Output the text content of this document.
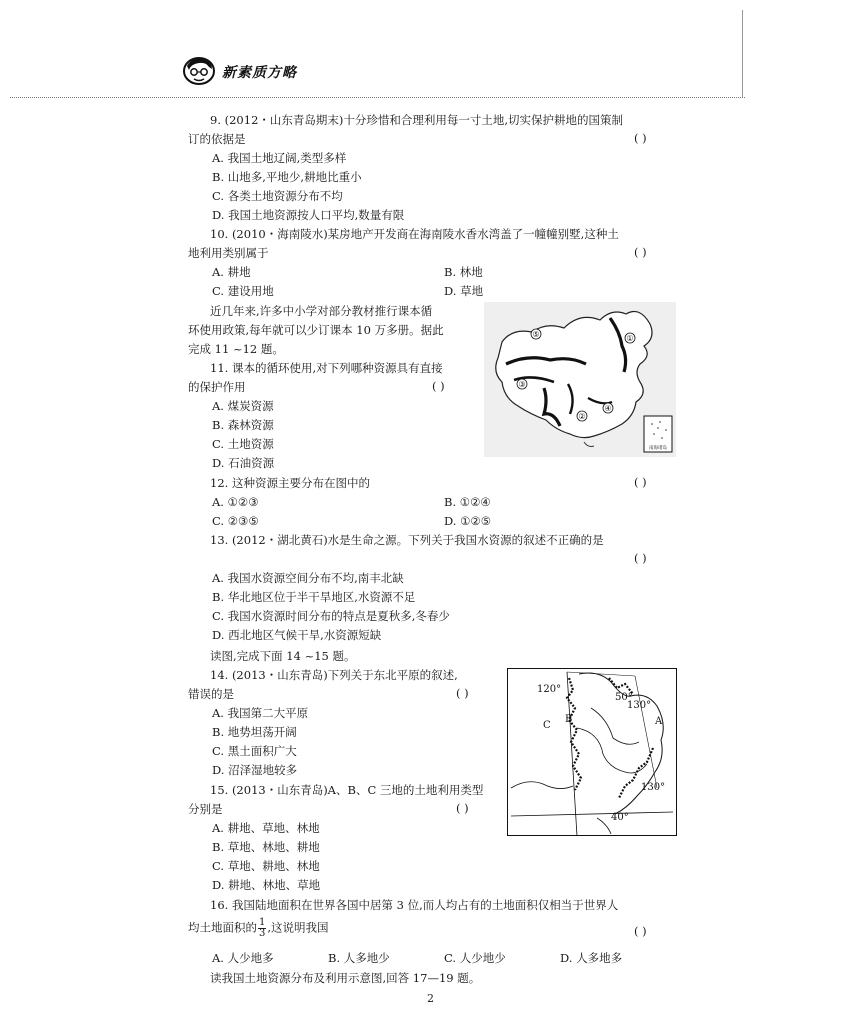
新素质方略
9. (2012・山东青岛期末)十分珍惜和合理利用每一寸土地,切实保护耕地的国策制
订的依据是	( )
A. 我国土地辽阔,类型多样
B. 山地多,平地少,耕地比重小
C. 各类土地资源分布不均
D. 我国土地资源按人口平均,数量有限
10. (2010・海南陵水)某房地产开发商在海南陵水香水湾盖了一幢幢别墅,这种土
地利用类别属于	( )
A. 耕地	B. 林地
C. 建设用地	D. 草地
近几年来,许多中小学对部分教材推行课本循
环使用政策,每年就可以少订课本 10 万多册。据此
完成 11 ~12 题。
11. 课本的循环使用,对下列哪种资源具有直接
的保护作用	( )
A. 煤炭资源
B. 森林资源
C. 土地资源
D. 石油资源
①
④
③
⑤
②
南海诸岛
12. 这种资源主要分布在图中的	( )
A. ①②③	B. ①②④
C. ②③⑤	D. ①②⑤
13. (2012・湖北黄石)水是生命之源。下列关于我国水资源的叙述不正确的是
( )
A. 我国水资源空间分布不均,南丰北缺
B. 华北地区位于半干旱地区,水资源不足
C. 我国水资源时间分布的特点是夏秋多,冬春少
D. 西北地区气候干旱,水资源短缺
读图,完成下面 14 ~15 题。
14. (2013・山东青岛)下列关于东北平原的叙述,
错误的是	( )
A. 我国第二大平原
B. 地势坦荡开阔
C. 黑土面积广大
D. 沼泽湿地较多
120°
50°
130°
130°
40°
A
B
C
15. (2013・山东青岛)A、B、C 三地的土地利用类型
分别是	( )
A. 耕地、草地、林地
B. 草地、林地、耕地
C. 草地、耕地、林地
D. 耕地、林地、草地
16. 我国陆地面积在世界各国中居第 3 位,而人均占有的土地面积仅相当于世界人
均土地面积的 $\frac{1}{3}$ ,这说明我国	( )
A. 人少地多	B. 人多地少	C. 人少地少	D. 人多地多
读我国土地资源分布及利用示意图,回答 17—19 题。
2
